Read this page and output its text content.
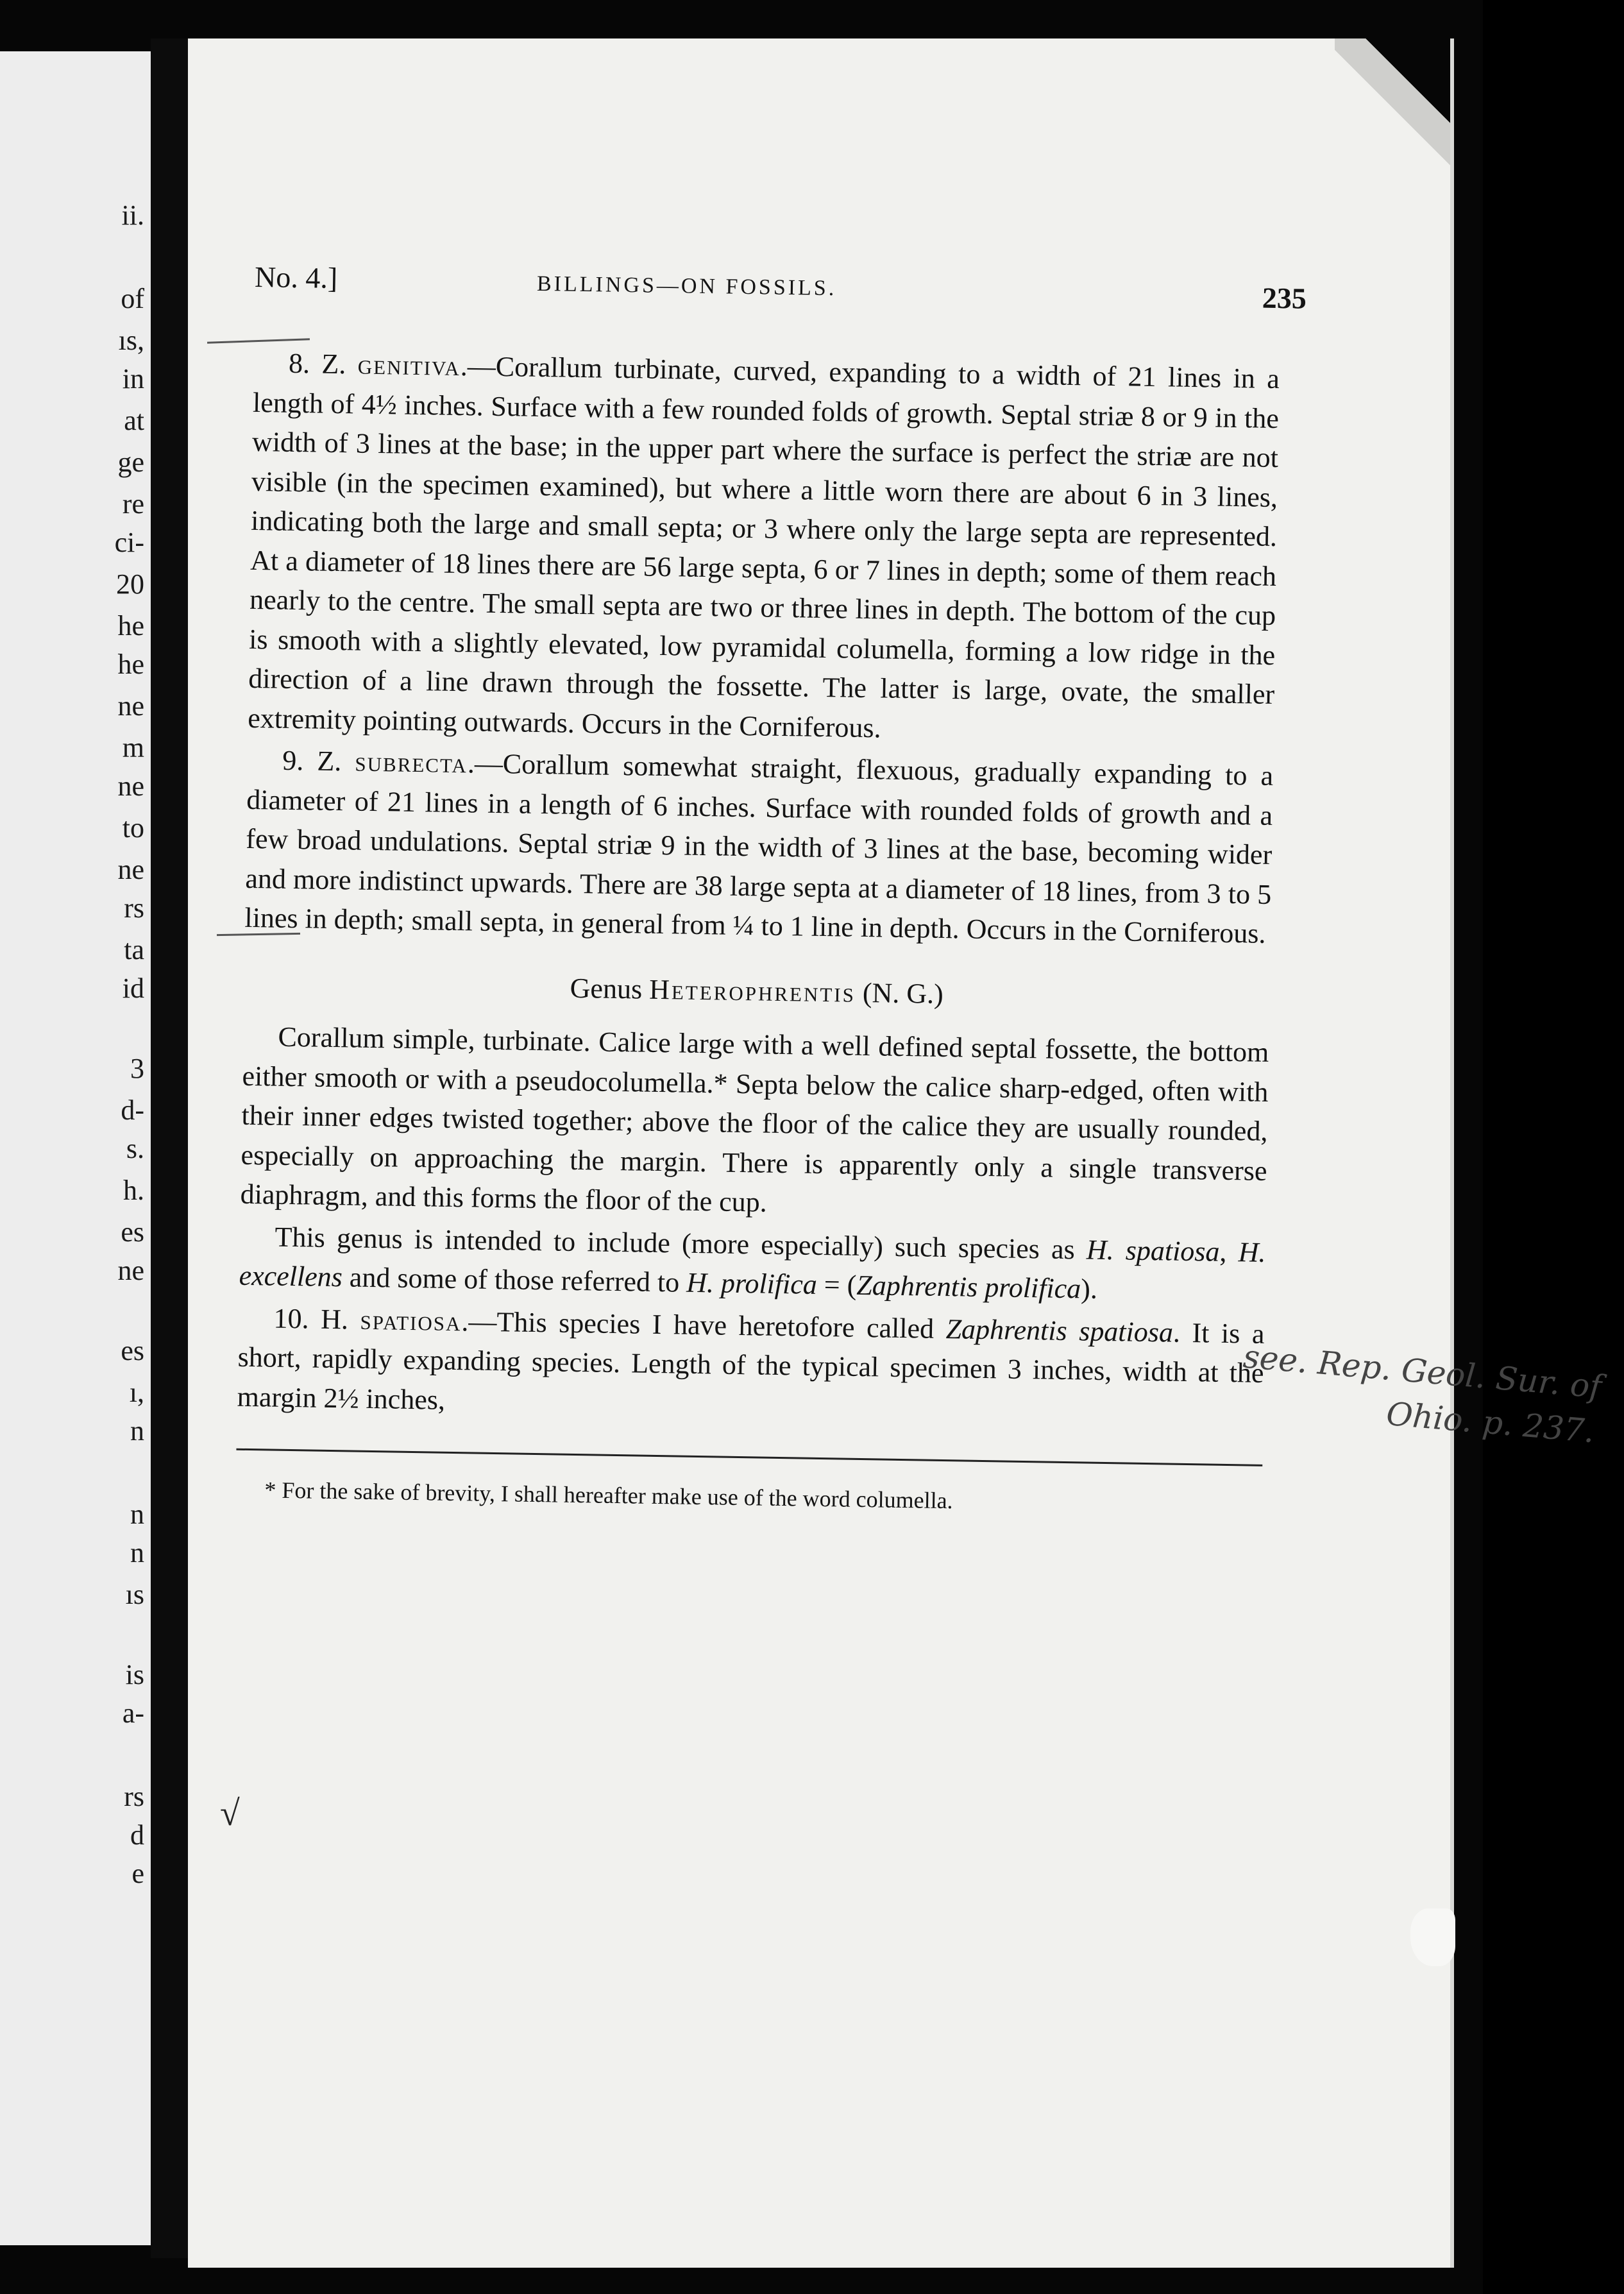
ii.
of
ıs,
in
at
ge
re
ci-
20
he
he
ne
m
ne
to
ne
rs
ta
id
3
d-
s.
h.
es
ne
es
ı,
n
n
n
ıs
is
a-
rs
d
e
√
No. 4.]	BILLINGS—ON FOSSILS.	235

8. Z. genitiva.—Corallum turbinate, curved, expanding to a width of 21 lines in a length of 4½ inches. Surface with a few rounded folds of growth. Septal striæ 8 or 9 in the width of 3 lines at the base; in the upper part where the surface is perfect the striæ are not visible (in the specimen examined), but where a little worn there are about 6 in 3 lines, indicating both the large and small septa; or 3 where only the large septa are represented. At a diameter of 18 lines there are 56 large septa, 6 or 7 lines in depth; some of them reach nearly to the centre. The small septa are two or three lines in depth. The bottom of the cup is smooth with a slightly elevated, low pyramidal columella, forming a low ridge in the direction of a line drawn through the fossette. The latter is large, ovate, the smaller extremity pointing outwards. Occurs in the Corniferous.

9. Z. subrecta.—Corallum somewhat straight, flexuous, gradually expanding to a diameter of 21 lines in a length of 6 inches. Surface with rounded folds of growth and a few broad undulations. Septal striæ 9 in the width of 3 lines at the base, becoming wider and more indistinct upwards. There are 38 large septa at a diameter of 18 lines, from 3 to 5 lines in depth; small septa, in general from ¼ to 1 line in depth. Occurs in the Corniferous.

Genus Heterophrentis (N. G.)

Corallum simple, turbinate. Calice large with a well defined septal fossette, the bottom either smooth or with a pseudocolumella.* Septa below the calice sharp-edged, often with their inner edges twisted together; above the floor of the calice they are usually rounded, especially on approaching the margin. There is apparently only a single transverse diaphragm, and this forms the floor of the cup.

This genus is intended to include (more especially) such species as H. spatiosa, H. excellens and some of those referred to H. prolifica = (Zaphrentis prolifica).

10. H. spatiosa.—This species I have heretofore called Zaphrentis spatiosa. It is a short, rapidly expanding species. Length of the typical specimen 3 inches, width at the margin 2½ inches,

* For the sake of brevity, I shall hereafter make use of the word columella.

see. Rep. Geol. Sur. of
Ohio. p. 237.
